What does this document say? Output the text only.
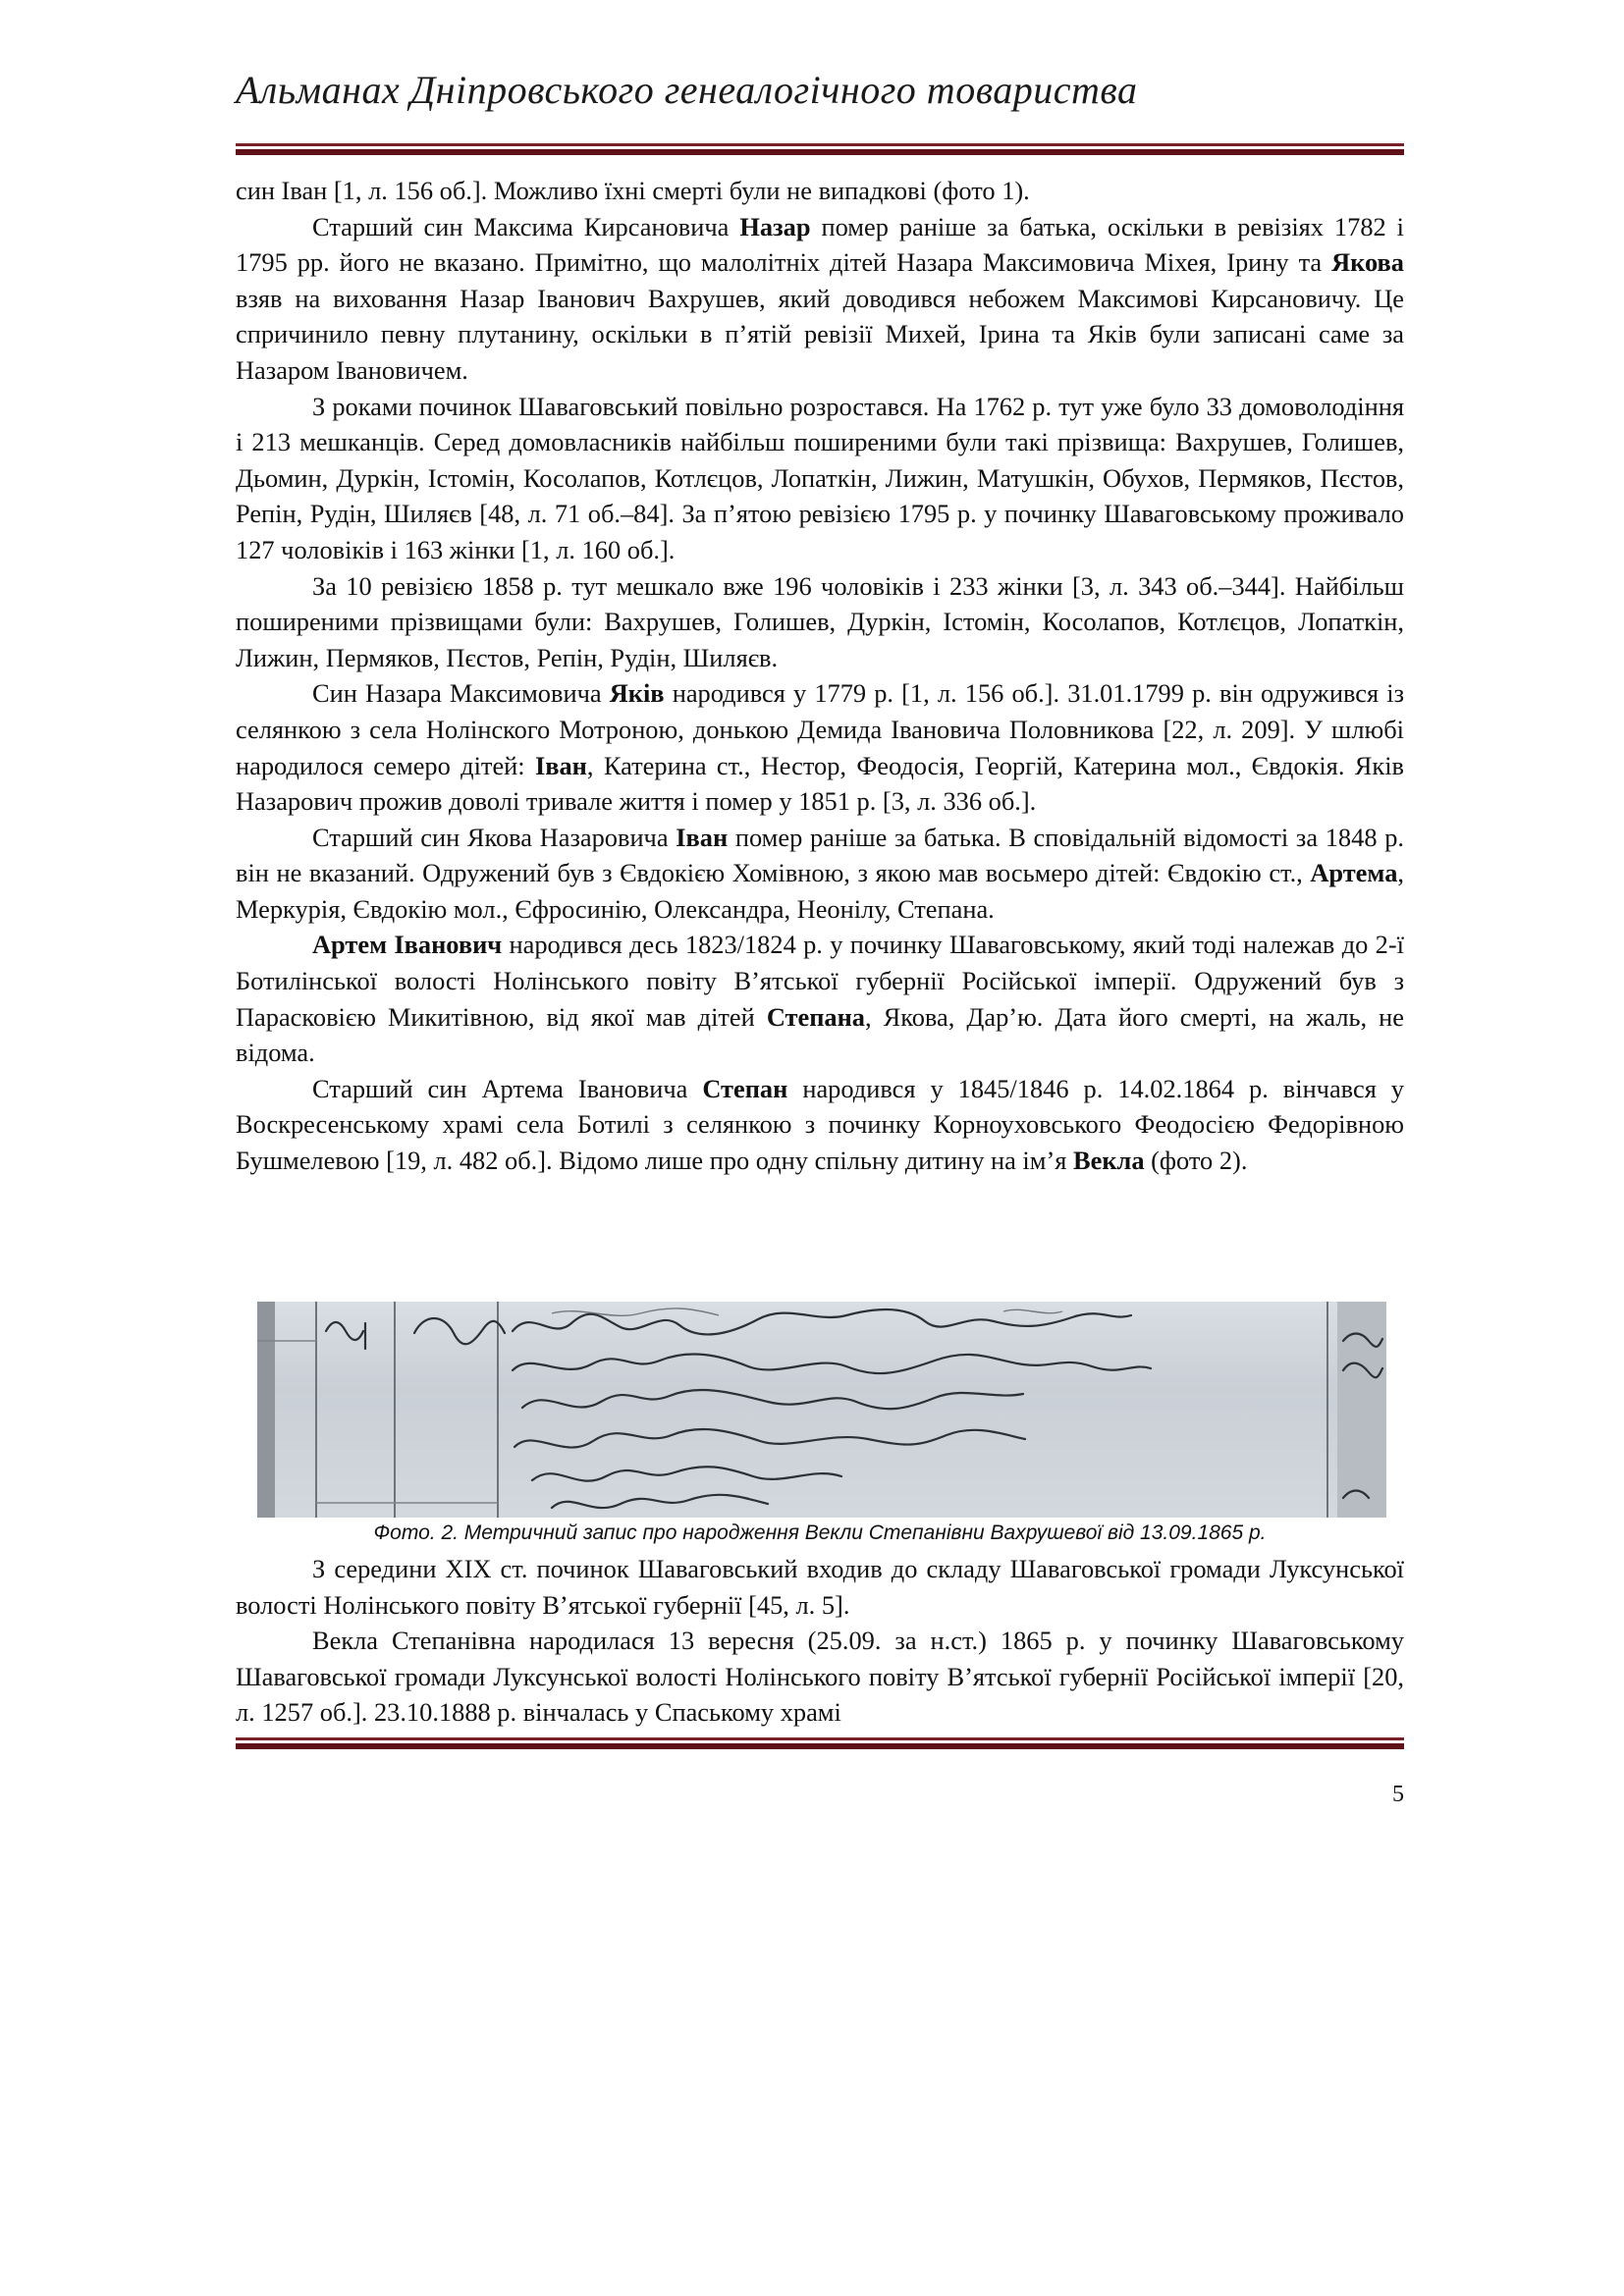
Альманах Дніпровського генеалогічного товариства

син Іван [1, л. 156 об.]. Можливо їхні смерті були не випадкові (фото 1).

Старший син Максима Кирсановича Назар помер раніше за батька, оскільки в ревізіях 1782 і 1795 рр. його не вказано. Примітно, що малолітніх дітей Назара Максимовича Міхея, Ірину та Якова взяв на виховання Назар Іванович Вахрушев, який доводився небожем Максимові Кирсановичу. Це спричинило певну плутанину, оскільки в п’ятій ревізії Михей, Ірина та Яків були записані саме за Назаром Івановичем.

З роками починок Шаваговський повільно розростався. На 1762 р. тут уже було 33 домоволодіння і 213 мешканців. Серед домовласників найбільш поширеними були такі прізвища: Вахрушев, Голишев, Дьомин, Дуркін, Істомін, Косолапов, Котлєцов, Лопаткін, Лижин, Матушкін, Обухов, Пермяков, Пєстов, Репін, Рудін, Шиляєв [48, л. 71 об.–84]. За п’ятою ревізією 1795 р. у починку Шаваговському проживало 127 чоловіків і 163 жінки [1, л. 160 об.].

За 10 ревізією 1858 р. тут мешкало вже 196 чоловіків і 233 жінки [3, л. 343 об.–344]. Найбільш поширеними прізвищами були: Вахрушев, Голишев, Дуркін, Істомін, Косолапов, Котлєцов, Лопаткін, Лижин, Пермяков, Пєстов, Репін, Рудін, Шиляєв.

Син Назара Максимовича Яків народився у 1779 р. [1, л. 156 об.]. 31.01.1799 р. він одружився із селянкою з села Нолінского Мотроною, донькою Демида Івановича Половникова [22, л. 209]. У шлюбі народилося семеро дітей: Іван, Катерина ст., Нестор, Феодосія, Георгій, Катерина мол., Євдокія. Яків Назарович прожив доволі тривале життя і помер у 1851 р. [3, л. 336 об.].

Старший син Якова Назаровича Іван помер раніше за батька. В сповідальній відомості за 1848 р. він не вказаний. Одружений був з Євдокією Хомівною, з якою мав восьмеро дітей: Євдокію ст., Артема, Меркурія, Євдокію мол., Єфросинію, Олександра, Неонілу, Степана.

Артем Іванович народився десь 1823/1824 р. у починку Шаваговському, який тоді належав до 2-ї Ботилінської волості Нолінського повіту В’ятської губернії Російської імперії. Одружений був з Парасковією Микитівною, від якої мав дітей Степана, Якова, Дар’ю. Дата його смерті, на жаль, не відома.

Старший син Артема Івановича Степан народився у 1845/1846 р. 14.02.1864 р. вінчався у Воскресенському храмі села Ботилі з селянкою з починку Корноуховського Феодосією Федорівною Бушмелевою [19, л. 482 об.]. Відомо лише про одну спільну дитину на ім’я Векла (фото 2).

Фото. 2. Метричний запис про народження Векли Степанівни Вахрушевої від 13.09.1865 р.

З середини XIX ст. починок Шаваговський входив до складу Шаваговської громади Луксунської волості Нолінського повіту В’ятської губернії [45, л. 5].

Векла Степанівна народилася 13 вересня (25.09. за н.ст.) 1865 р. у починку Шаваговському Шаваговської громади Луксунської волості Нолінського повіту В’ятської губернії Російської імперії [20, л. 1257 об.]. 23.10.1888 р. вінчалась у Спаському храмі

5
